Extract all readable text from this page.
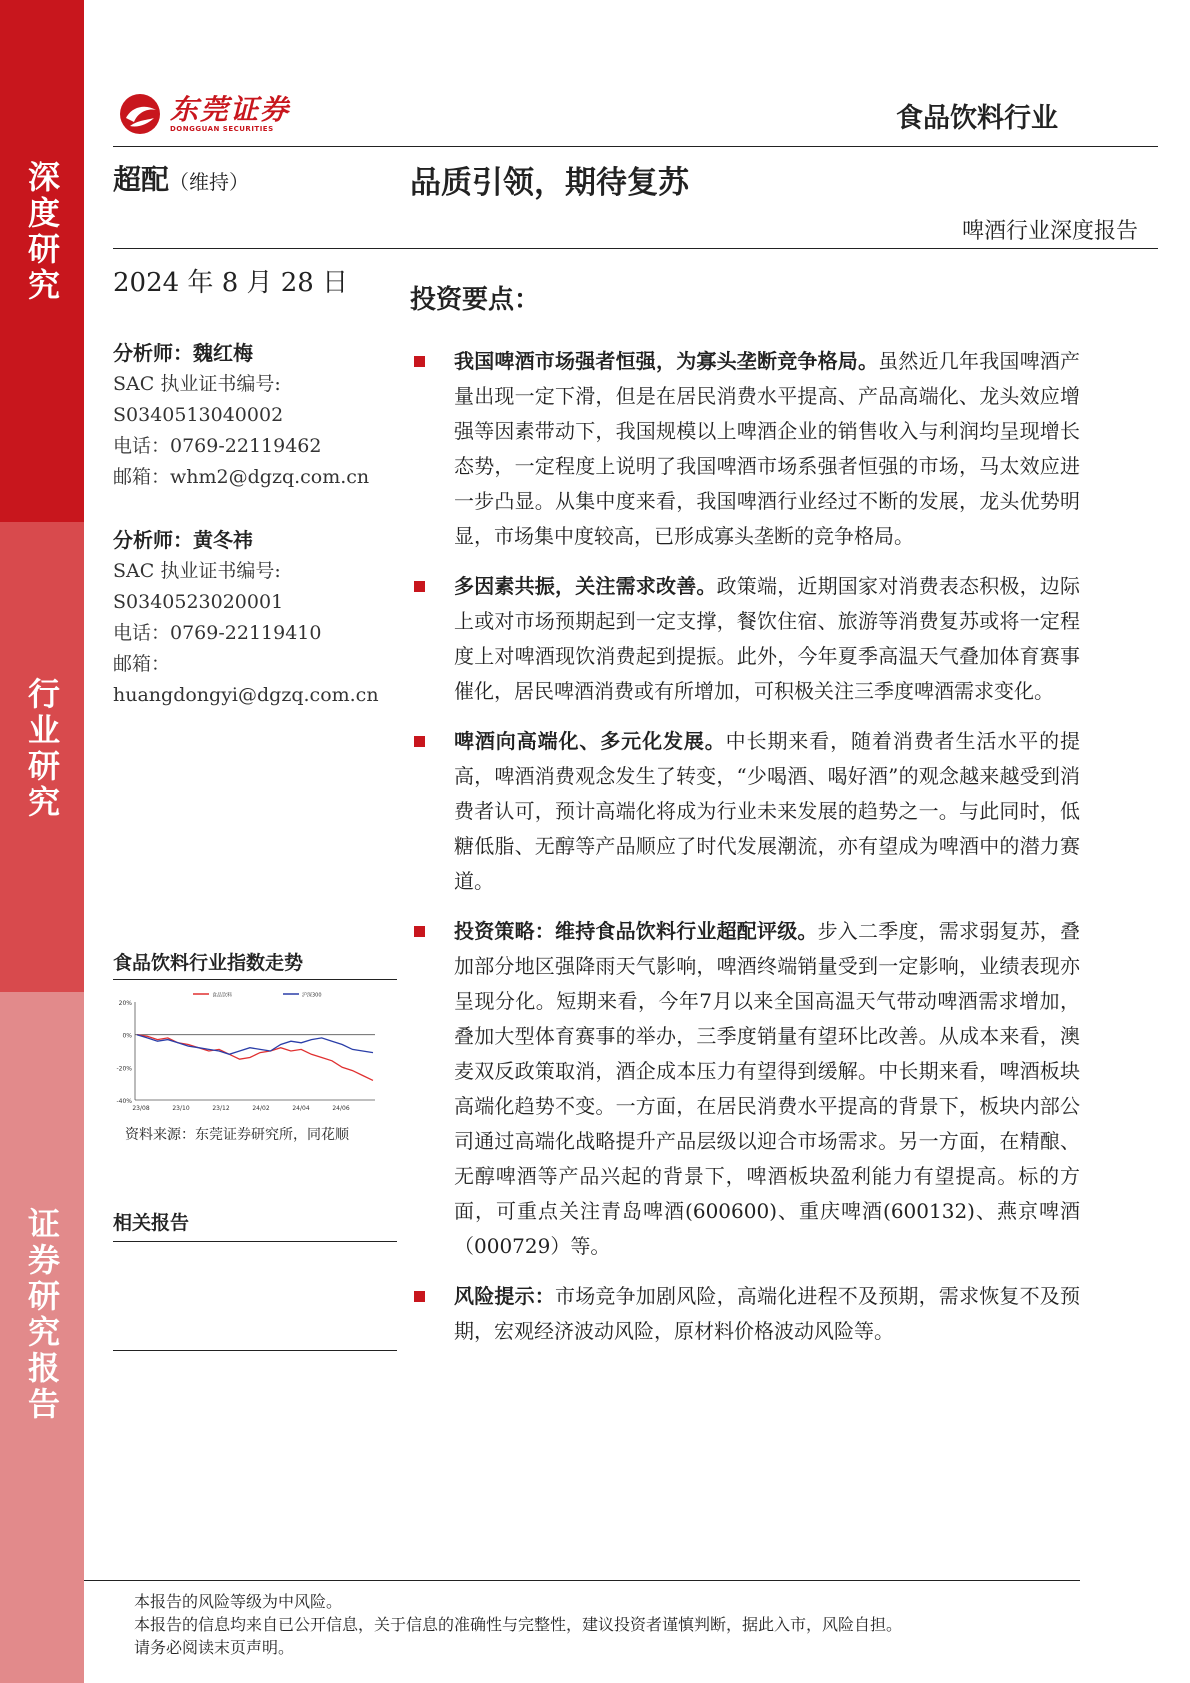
深度研究
行业研究
证券研究报告
东莞证券
DONGGUAN SECURITIES	食品饮料行业
超配（维持）	品质引领，期待复苏
啤酒行业深度报告
2024 年 8 月 28 日
分析师：魏红梅
SAC 执业证书编号:
S0340513040002
电话：0769-22119462
邮箱：whm2@dgzq.com.cn
分析师：黄冬祎
SAC 执业证书编号:
S0340523020001
电话：0769-22119410
邮箱：
huangdongyi@dgzq.com.cn
食品饮料行业指数走势
20%
0%
-20%
-40%
23/08	23/10	23/12	24/02	24/04	24/06
食品饮料	沪深300
资料来源：东莞证券研究所，同花顺
相关报告
投资要点：
我国啤酒市场强者恒强，为寡头垄断竞争格局。虽然近几年我国啤酒产量出现一定下滑，但是在居民消费水平提高、产品高端化、龙头效应增强等因素带动下，我国规模以上啤酒企业的销售收入与利润均呈现增长态势，一定程度上说明了我国啤酒市场系强者恒强的市场，马太效应进一步凸显。从集中度来看，我国啤酒行业经过不断的发展，龙头优势明显，市场集中度较高，已形成寡头垄断的竞争格局。
多因素共振，关注需求改善。政策端，近期国家对消费表态积极，边际上或对市场预期起到一定支撑，餐饮住宿、旅游等消费复苏或将一定程度上对啤酒现饮消费起到提振。此外，今年夏季高温天气叠加体育赛事催化，居民啤酒消费或有所增加，可积极关注三季度啤酒需求变化。
啤酒向高端化、多元化发展。中长期来看，随着消费者生活水平的提高，啤酒消费观念发生了转变，“少喝酒、喝好酒”的观念越来越受到消费者认可，预计高端化将成为行业未来发展的趋势之一。与此同时，低糖低脂、无醇等产品顺应了时代发展潮流，亦有望成为啤酒中的潜力赛道。
投资策略：维持食品饮料行业超配评级。步入二季度，需求弱复苏，叠加部分地区强降雨天气影响，啤酒终端销量受到一定影响，业绩表现亦呈现分化。短期来看，今年7月以来全国高温天气带动啤酒需求增加，叠加大型体育赛事的举办，三季度销量有望环比改善。从成本来看，澳麦双反政策取消，酒企成本压力有望得到缓解。中长期来看，啤酒板块高端化趋势不变。一方面，在居民消费水平提高的背景下，板块内部公司通过高端化战略提升产品层级以迎合市场需求。另一方面，在精酿、无醇啤酒等产品兴起的背景下，啤酒板块盈利能力有望提高。标的方面，可重点关注青岛啤酒(600600)、重庆啤酒(600132)、燕京啤酒（000729）等。
风险提示：市场竞争加剧风险，高端化进程不及预期，需求恢复不及预期，宏观经济波动风险，原材料价格波动风险等。
本报告的风险等级为中风险。
本报告的信息均来自已公开信息，关于信息的准确性与完整性，建议投资者谨慎判断，据此入市，风险自担。
请务必阅读末页声明。
